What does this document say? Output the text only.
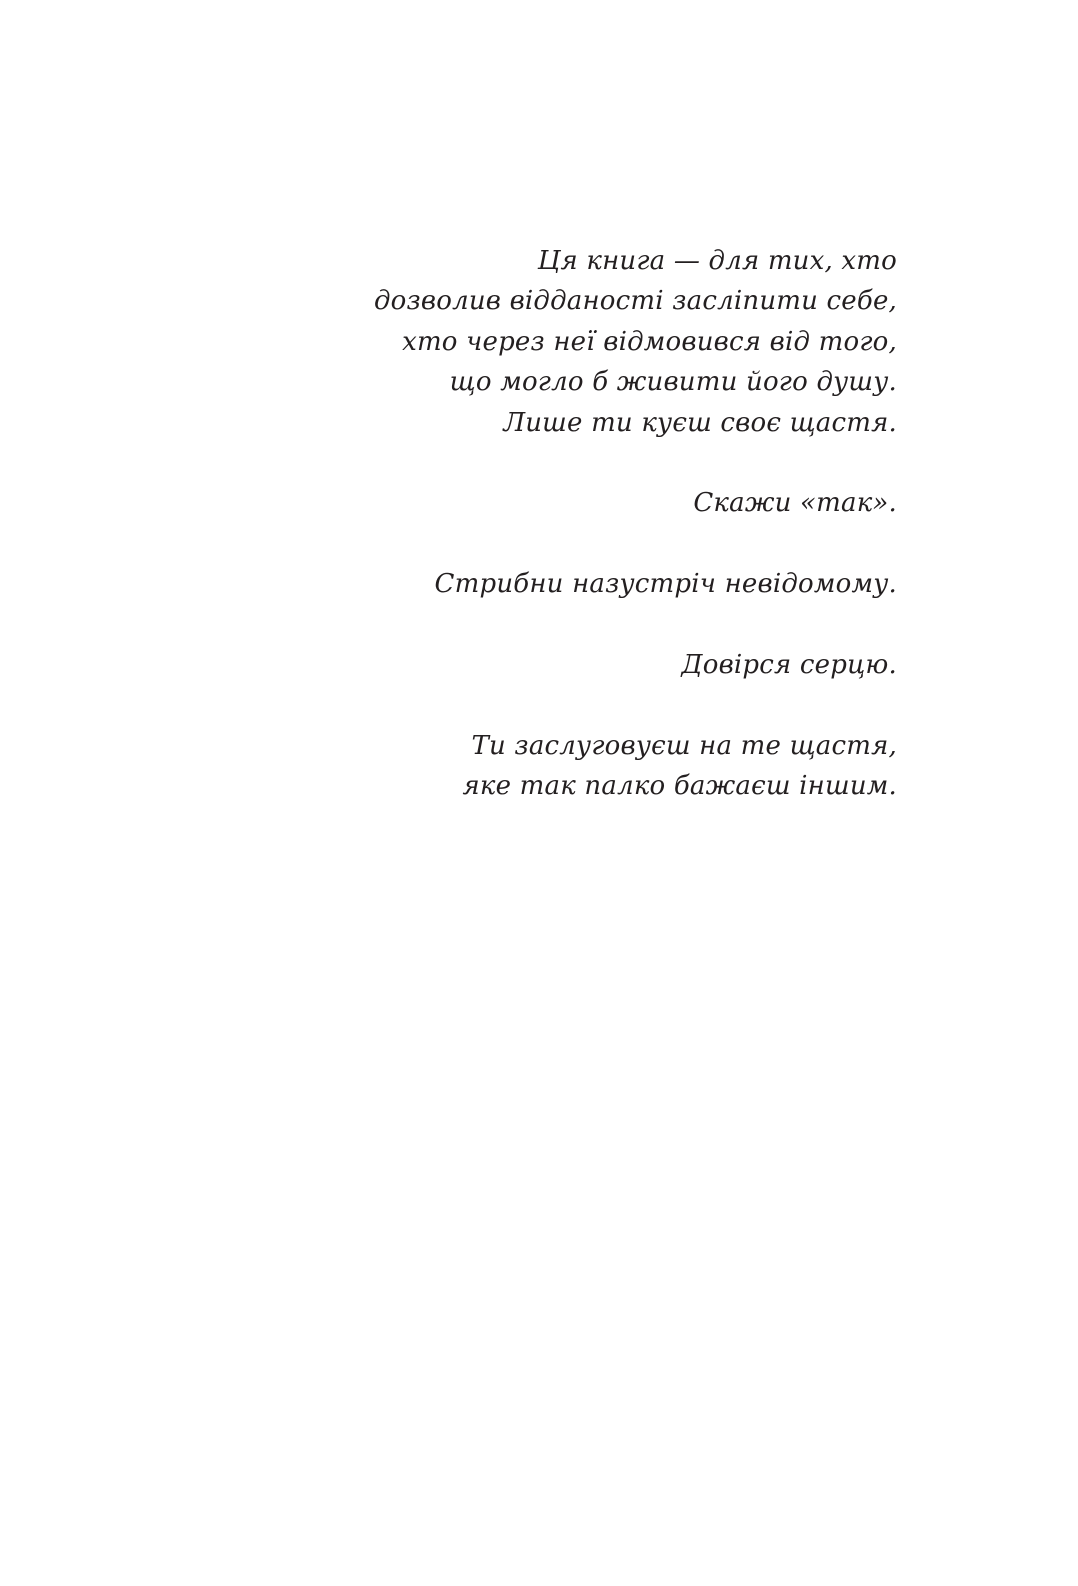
Ця книга — для тих, хто
дозволив відданості засліпити себе,
хто через неї відмовився від того,
що могло б живити його душу.
Лише ти куєш своє щастя.

Скажи «так».

Стрибни назустріч невідомому.

Довірся серцю.

Ти заслуговуєш на те щастя,
яке так палко бажаєш іншим.
